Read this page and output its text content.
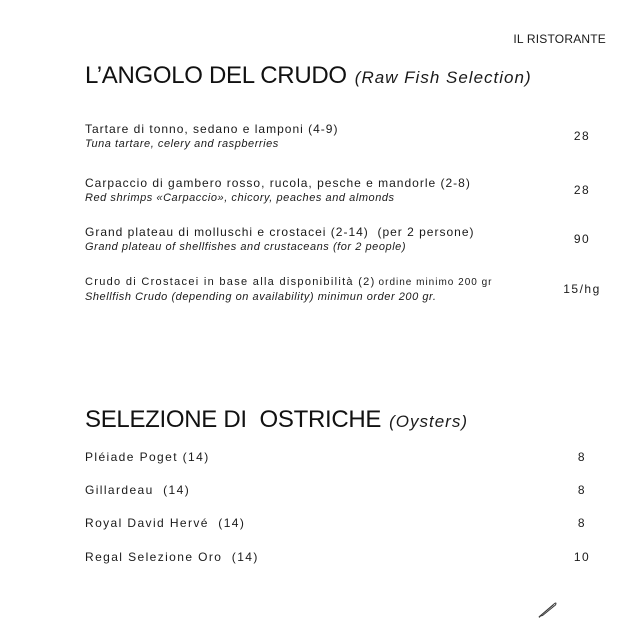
IL RISTORANTE
L’ANGOLO DEL CRUDO (Raw Fish Selection)
Tartare di tonno, sedano e lamponi (4-9)
Tuna tartare, celery and raspberries
28
Carpaccio di gambero rosso, rucola, pesche e mandorle (2-8)
Red shrimps «Carpaccio», chicory, peaches and almonds
28
Grand plateau di molluschi e crostacei (2-14)  (per 2 persone)
Grand plateau of shellfishes and crustaceans (for 2 people)
90
Crudo di Crostacei in base alla disponibilità (2) ordine minimo 200 gr
Shellfish Crudo (depending on availability) minimun order 200 gr.
15/hg
SELEZIONE DI  OSTRICHE (Oysters)
Pléiade Poget (14)	8
Gillardeau  (14)	8
Royal David Hervé  (14)	8
Regal Selezione Oro  (14)	10
